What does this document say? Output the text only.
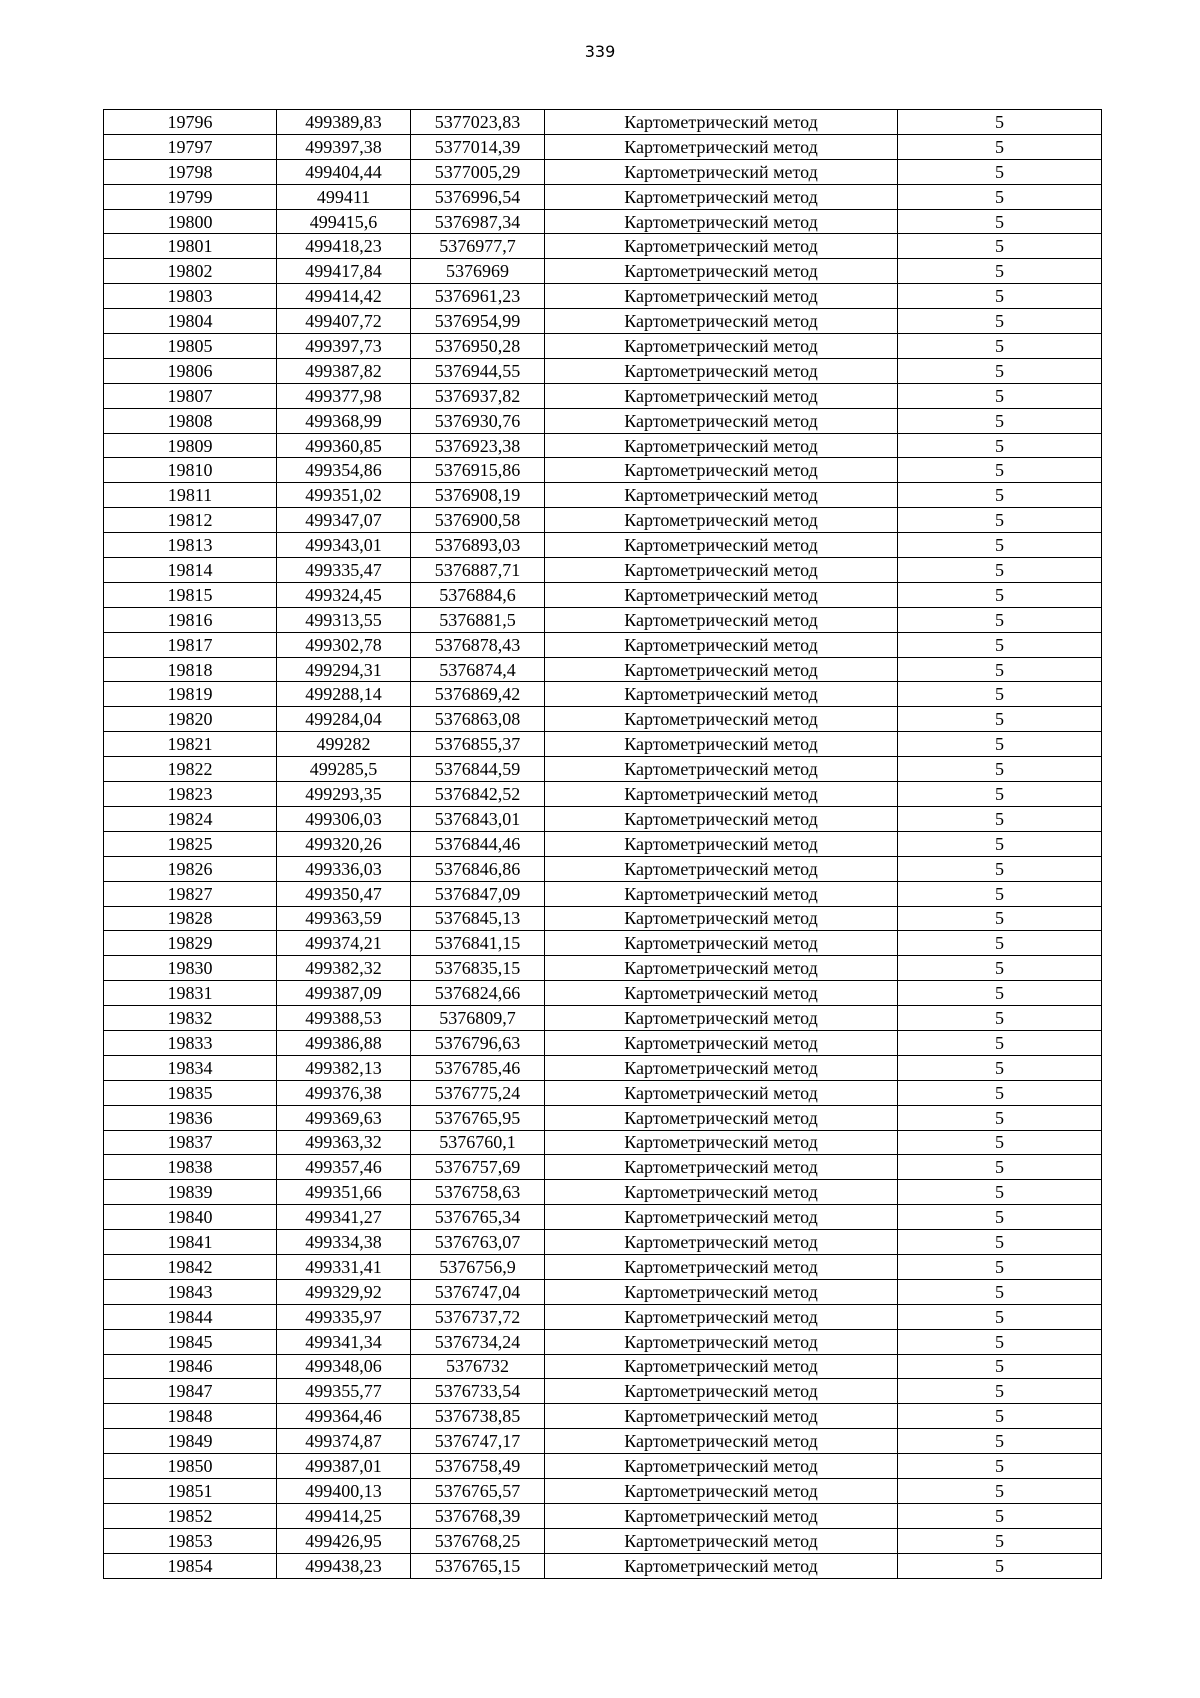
339
19796	499389,83	5377023,83	Картометрический метод	5
19797	499397,38	5377014,39	Картометрический метод	5
19798	499404,44	5377005,29	Картометрический метод	5
19799	499411	5376996,54	Картометрический метод	5
19800	499415,6	5376987,34	Картометрический метод	5
19801	499418,23	5376977,7	Картометрический метод	5
19802	499417,84	5376969	Картометрический метод	5
19803	499414,42	5376961,23	Картометрический метод	5
19804	499407,72	5376954,99	Картометрический метод	5
19805	499397,73	5376950,28	Картометрический метод	5
19806	499387,82	5376944,55	Картометрический метод	5
19807	499377,98	5376937,82	Картометрический метод	5
19808	499368,99	5376930,76	Картометрический метод	5
19809	499360,85	5376923,38	Картометрический метод	5
19810	499354,86	5376915,86	Картометрический метод	5
19811	499351,02	5376908,19	Картометрический метод	5
19812	499347,07	5376900,58	Картометрический метод	5
19813	499343,01	5376893,03	Картометрический метод	5
19814	499335,47	5376887,71	Картометрический метод	5
19815	499324,45	5376884,6	Картометрический метод	5
19816	499313,55	5376881,5	Картометрический метод	5
19817	499302,78	5376878,43	Картометрический метод	5
19818	499294,31	5376874,4	Картометрический метод	5
19819	499288,14	5376869,42	Картометрический метод	5
19820	499284,04	5376863,08	Картометрический метод	5
19821	499282	5376855,37	Картометрический метод	5
19822	499285,5	5376844,59	Картометрический метод	5
19823	499293,35	5376842,52	Картометрический метод	5
19824	499306,03	5376843,01	Картометрический метод	5
19825	499320,26	5376844,46	Картометрический метод	5
19826	499336,03	5376846,86	Картометрический метод	5
19827	499350,47	5376847,09	Картометрический метод	5
19828	499363,59	5376845,13	Картометрический метод	5
19829	499374,21	5376841,15	Картометрический метод	5
19830	499382,32	5376835,15	Картометрический метод	5
19831	499387,09	5376824,66	Картометрический метод	5
19832	499388,53	5376809,7	Картометрический метод	5
19833	499386,88	5376796,63	Картометрический метод	5
19834	499382,13	5376785,46	Картометрический метод	5
19835	499376,38	5376775,24	Картометрический метод	5
19836	499369,63	5376765,95	Картометрический метод	5
19837	499363,32	5376760,1	Картометрический метод	5
19838	499357,46	5376757,69	Картометрический метод	5
19839	499351,66	5376758,63	Картометрический метод	5
19840	499341,27	5376765,34	Картометрический метод	5
19841	499334,38	5376763,07	Картометрический метод	5
19842	499331,41	5376756,9	Картометрический метод	5
19843	499329,92	5376747,04	Картометрический метод	5
19844	499335,97	5376737,72	Картометрический метод	5
19845	499341,34	5376734,24	Картометрический метод	5
19846	499348,06	5376732	Картометрический метод	5
19847	499355,77	5376733,54	Картометрический метод	5
19848	499364,46	5376738,85	Картометрический метод	5
19849	499374,87	5376747,17	Картометрический метод	5
19850	499387,01	5376758,49	Картометрический метод	5
19851	499400,13	5376765,57	Картометрический метод	5
19852	499414,25	5376768,39	Картометрический метод	5
19853	499426,95	5376768,25	Картометрический метод	5
19854	499438,23	5376765,15	Картометрический метод	5
